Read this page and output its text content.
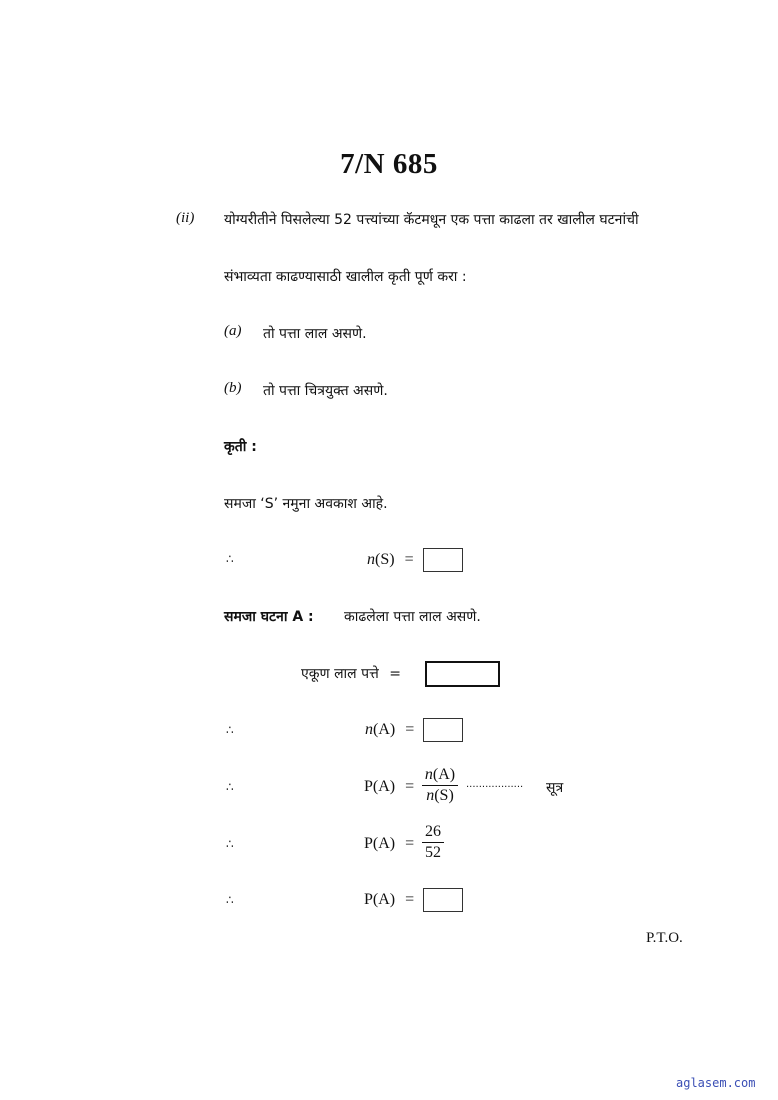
7/N 685
(ii) योग्यरीतीने पिसलेल्या 52 पत्त्यांच्या कॅटमधून एक पत्ता काढला तर खालील घटनांची
संभाव्यता काढण्यासाठी खालील कृती पूर्ण करा :
(a) तो पत्ता लाल असणे.
(b) तो पत्ता चित्रयुक्त असणे.
कृती :
समजा ‘S’ नमुना अवकाश आहे.
∴	n(S) =
समजा घटना A : काढलेला पत्ता लाल असणे.
एकूण लाल पत्ते =
∴	n(A) =
∴	P(A) =
n(A)
n(S)
.................. सूत्र
∴	P(A) =
26
52
∴	P(A) =
P.T.O.
aglasem.com
